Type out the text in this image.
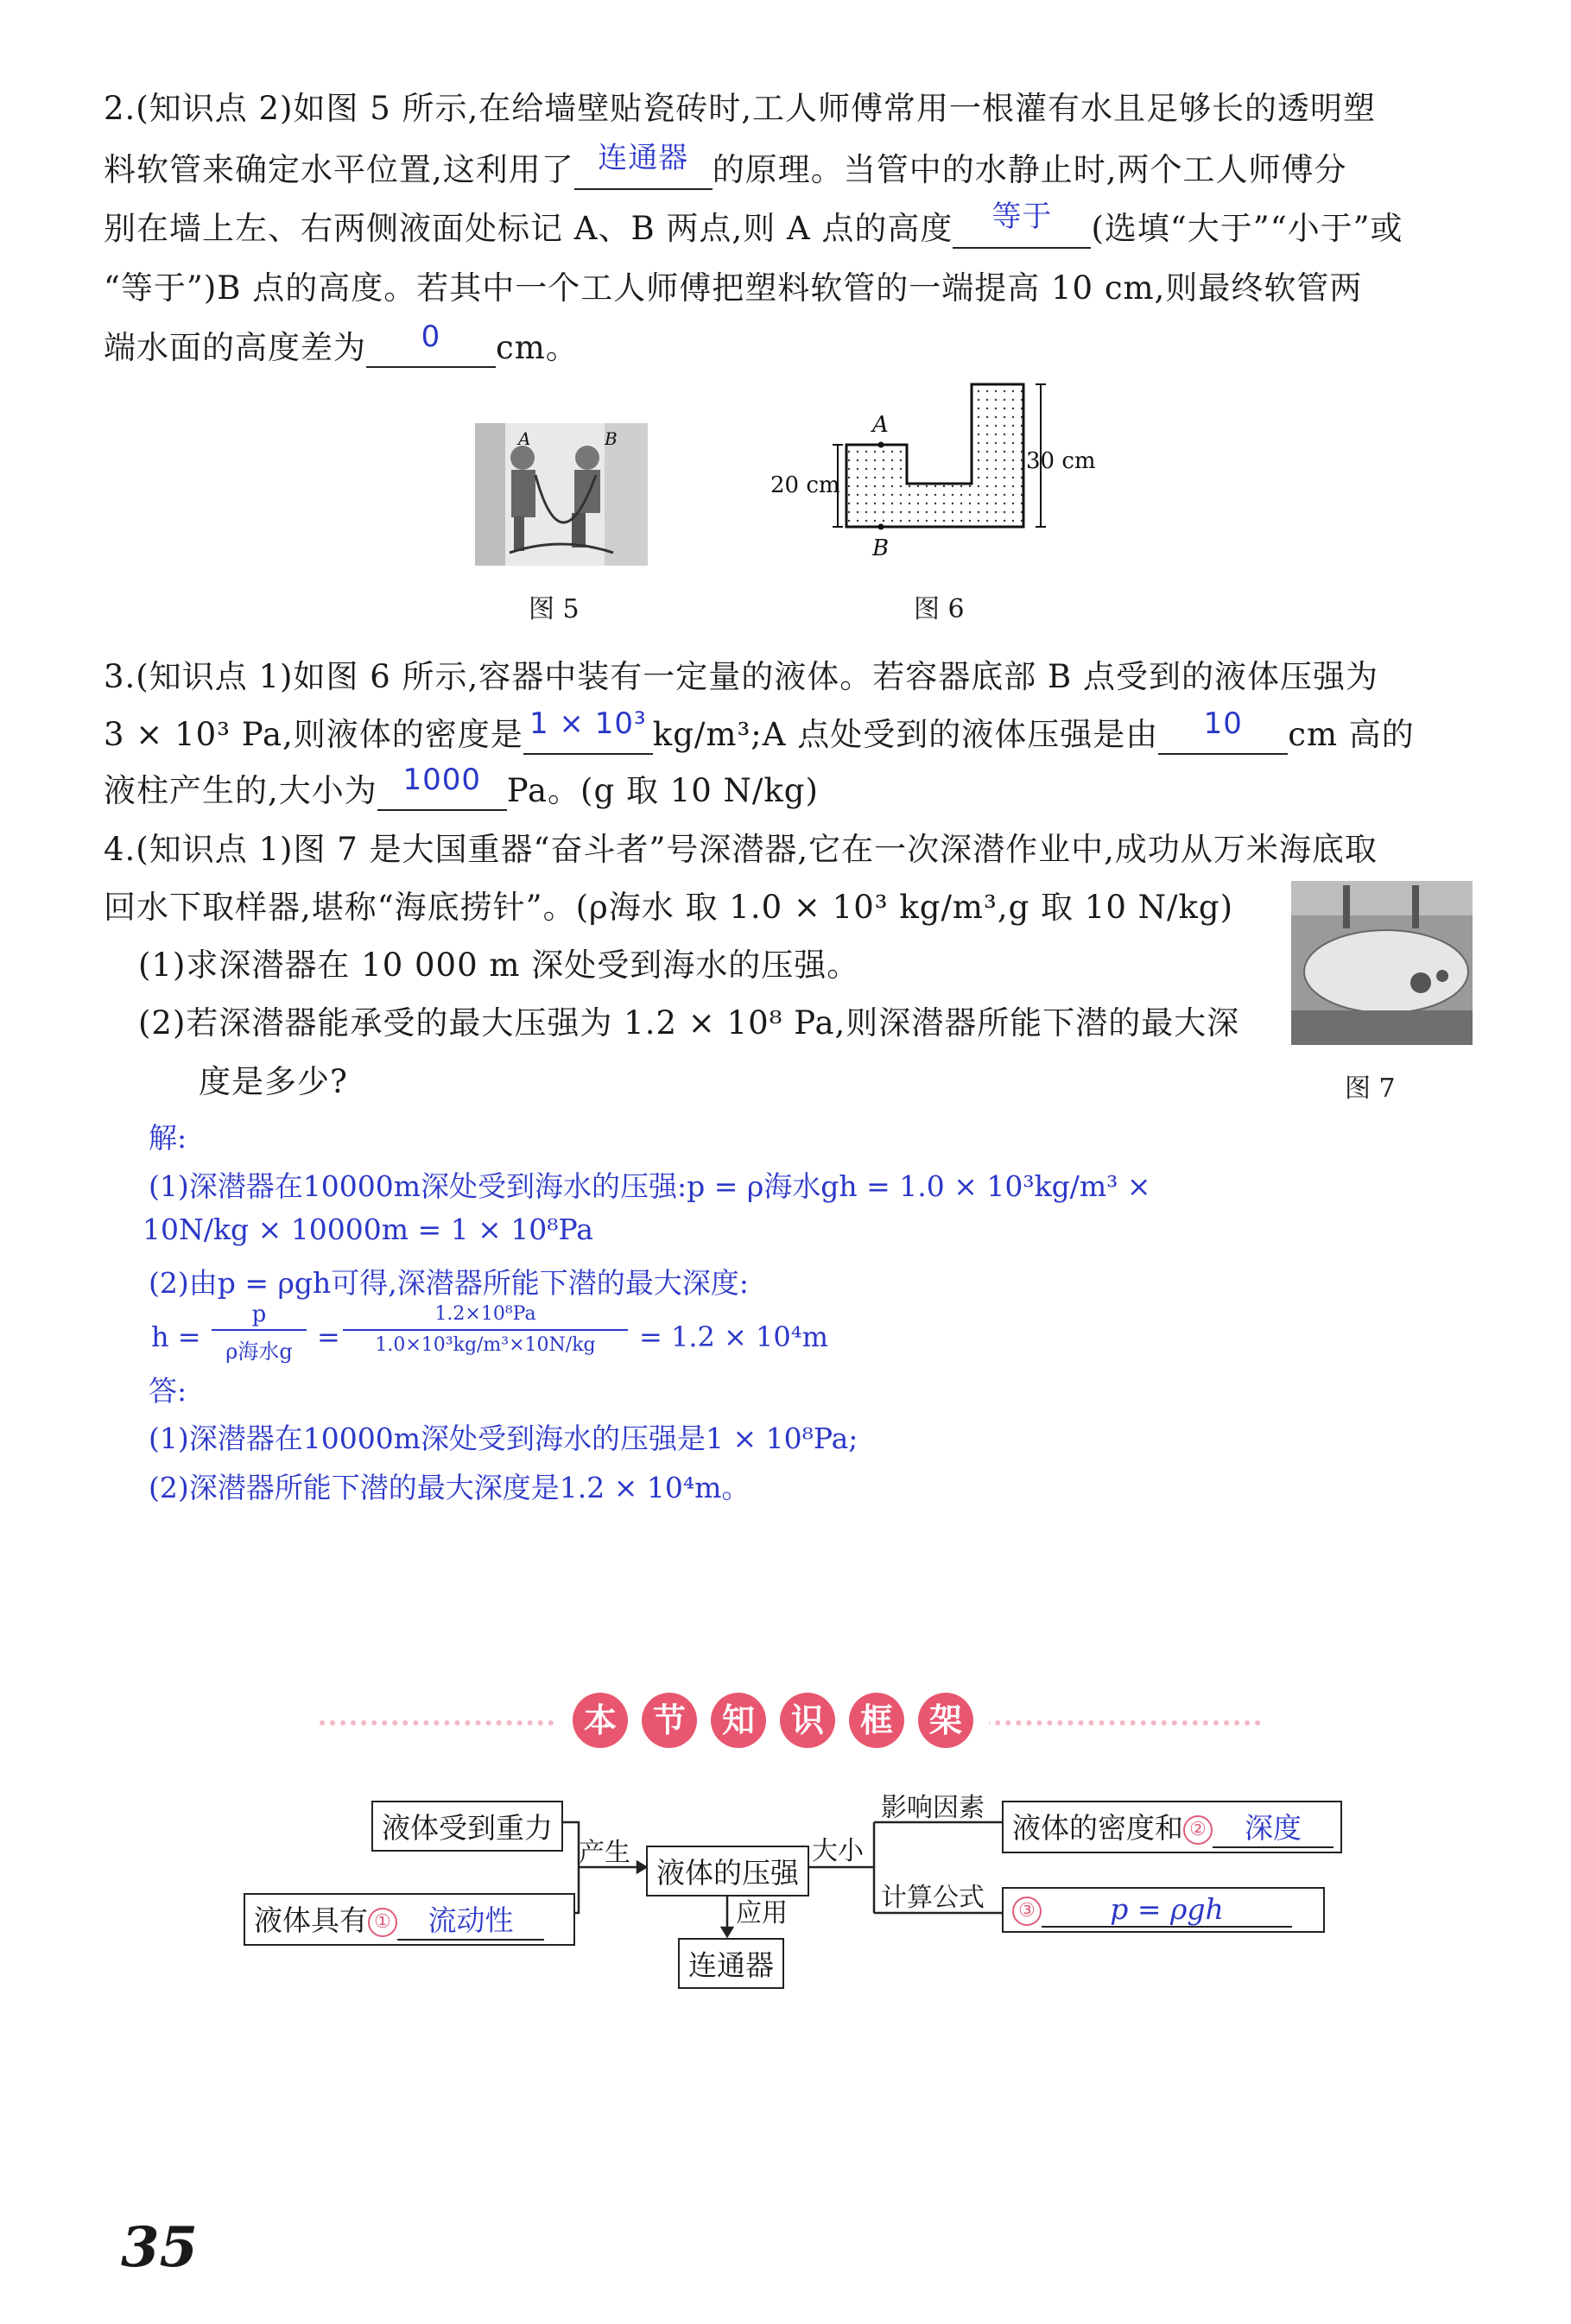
2.(知识点 2)如图 5 所示,在给墙壁贴瓷砖时,工人师傅常用一根灌有水且足够长的透明塑
料软管来确定水平位置,这利用了 连通器 的原理。当管中的水静止时,两个工人师傅分
别在墙上左、右两侧液面处标记 A、B 两点,则 A 点的高度	等于	(选填“大于”“小于”或
“等于”)B 点的高度。若其中一个工人师傅把塑料软管的一端提高 10 cm,则最终软管两
端水面的高度差为	0	cm。
A	B
图 5
A
B
20 cm
30 cm
图 6
3.(知识点 1)如图 6 所示,容器中装有一定量的液体。若容器底部 B 点受到的液体压强为
3 × 10³ Pa,则液体的密度是 1 × 10³ kg/m³;A 点处受到的液体压强是由	10	cm 高的
液柱产生的,大小为 1000 Pa。(g 取 10 N/kg)
4.(知识点 1)图 7 是大国重器“奋斗者”号深潜器,它在一次深潜作业中,成功从万米海底取
回水下取样器,堪称“海底捞针”。(ρ海水 取 1.0 × 10³ kg/m³,g 取 10 N/kg)
(1)求深潜器在 10 000 m 深处受到海水的压强。
(2)若深潜器能承受的最大压强为 1.2 × 10⁸ Pa,则深潜器所能下潜的最大深
度是多少?	图 7
解:
(1)深潜器在10000m深处受到海水的压强:p = ρ海水gh = 1.0 × 10³kg/m³ ×
10N/kg × 10000m = 1 × 10⁸Pa
(2)由p = ρgh可得,深潜器所能下潜的最大深度:
h =
p
ρ海水g =
1.2×10⁸Pa
1.0×10³kg/m³×10N/kg	= 1.2 × 10⁴m
答:
(1)深潜器在10000m深处受到海水的压强是1 × 10⁸Pa;
(2)深潜器所能下潜的最大深度是1.2 × 10⁴m。
本 节 知 识 框 架
液体受到重力
液体具有 ① 流动性
产生
液体的压强
大小
应用
连通器
影响因素
计算公式
液体的密度和 ② 深度
③	p = ρgh
35
